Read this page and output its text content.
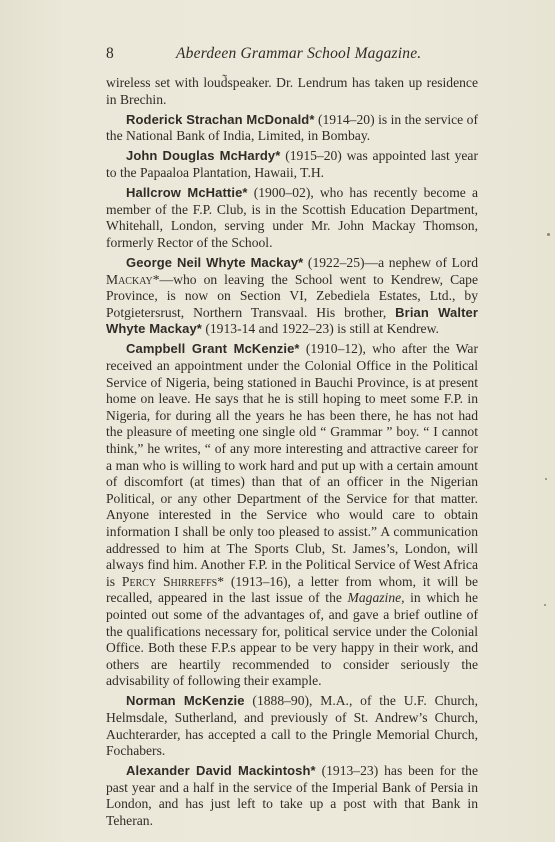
8	Aberdeen Grammar School Magazine.

wireless set with loud̃speaker. Dr. Lendrum has taken up residence in Brechin.

Roderick Strachan McDonald* (1914–20) is in the service of the National Bank of India, Limited, in Bombay.

John Douglas McHardy* (1915–20) was appointed last year to the Papaaloa Plantation, Hawaii, T.H.

Hallcrow McHattie* (1900–02), who has recently become a member of the F.P. Club, is in the Scottish Education Department, Whitehall, London, serving under Mr. John Mackay Thomson, formerly Rector of the School.

George Neil Whyte Mackay* (1922–25)—a nephew of Lord Mackay*—who on leaving the School went to Kendrew, Cape Province, is now on Section VI, Zebediela Estates, Ltd., by Potgietersrust, Northern Transvaal. His brother, Brian Walter Whyte Mackay* (1913-14 and 1922–23) is still at Kendrew.

Campbell Grant McKenzie* (1910–12), who after the War received an appointment under the Colonial Office in the Political Service of Nigeria, being stationed in Bauchi Province, is at present home on leave. He says that he is still hoping to meet some F.P. in Nigeria, for during all the years he has been there, he has not had the pleasure of meeting one single old “ Grammar ” boy. “ I cannot think,” he writes, “ of any more interesting and attractive career for a man who is willing to work hard and put up with a certain amount of discomfort (at times) than that of an officer in the Nigerian Political, or any other Department of the Service for that matter. Anyone interested in the Service who would care to obtain information I shall be only too pleased to assist.” A communication addressed to him at The Sports Club, St. James’s, London, will always find him. Another F.P. in the Political Service of West Africa is Percy Shirreffs* (1913–16), a letter from whom, it will be recalled, appeared in the last issue of the Magazine, in which he pointed out some of the advantages of, and gave a brief outline of the qualifications necessary for, political service under the Colonial Office. Both these F.P.s appear to be very happy in their work, and others are heartily recommended to consider seriously the advisability of following their example.

Norman McKenzie (1888–90), M.A., of the U.F. Church, Helmsdale, Sutherland, and previously of St. Andrew’s Church, Auchterarder, has accepted a call to the Pringle Memorial Church, Fochabers.

Alexander David Mackintosh* (1913–23) has been for the past year and a half in the service of the Imperial Bank of Persia in London, and has just left to take up a post with that Bank in Teheran.
